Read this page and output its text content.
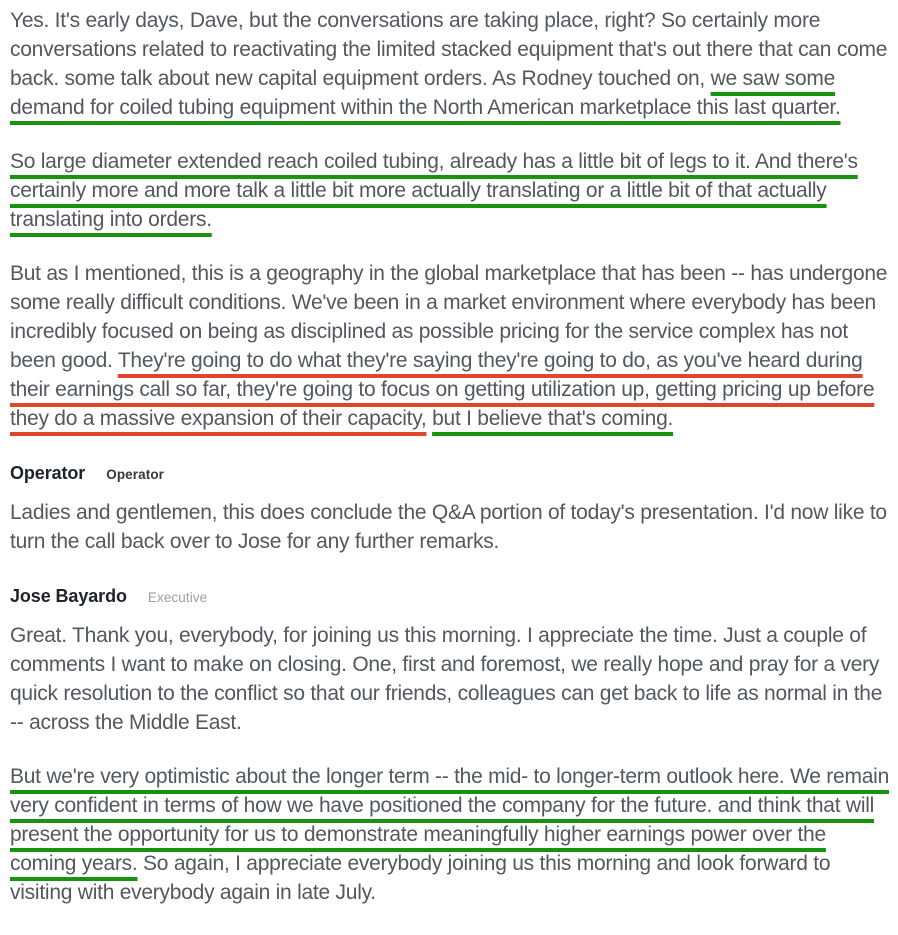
Yes. It's early days, Dave, but the conversations are taking place, right? So certainly more conversations related to reactivating the limited stacked equipment that's out there that can come back. some talk about new capital equipment orders. As Rodney touched on, we saw some demand for coiled tubing equipment within the North American marketplace this last quarter.

So large diameter extended reach coiled tubing, already has a little bit of legs to it. And there's certainly more and more talk a little bit more actually translating or a little bit of that actually translating into orders.

But as I mentioned, this is a geography in the global marketplace that has been -- has undergone some really difficult conditions. We've been in a market environment where everybody has been incredibly focused on being as disciplined as possible pricing for the service complex has not been good. They're going to do what they're saying they're going to do, as you've heard during their earnings call so far, they're going to focus on getting utilization up, getting pricing up before they do a massive expansion of their capacity, but I believe that's coming.

Operator Operator

Ladies and gentlemen, this does conclude the Q&A portion of today's presentation. I'd now like to turn the call back over to Jose for any further remarks.

Jose Bayardo Executive

Great. Thank you, everybody, for joining us this morning. I appreciate the time. Just a couple of comments I want to make on closing. One, first and foremost, we really hope and pray for a very quick resolution to the conflict so that our friends, colleagues can get back to life as normal in the -- across the Middle East.

But we're very optimistic about the longer term -- the mid- to longer-term outlook here. We remain very confident in terms of how we have positioned the company for the future. and think that will present the opportunity for us to demonstrate meaningfully higher earnings power over the coming years. So again, I appreciate everybody joining us this morning and look forward to visiting with everybody again in late July.
